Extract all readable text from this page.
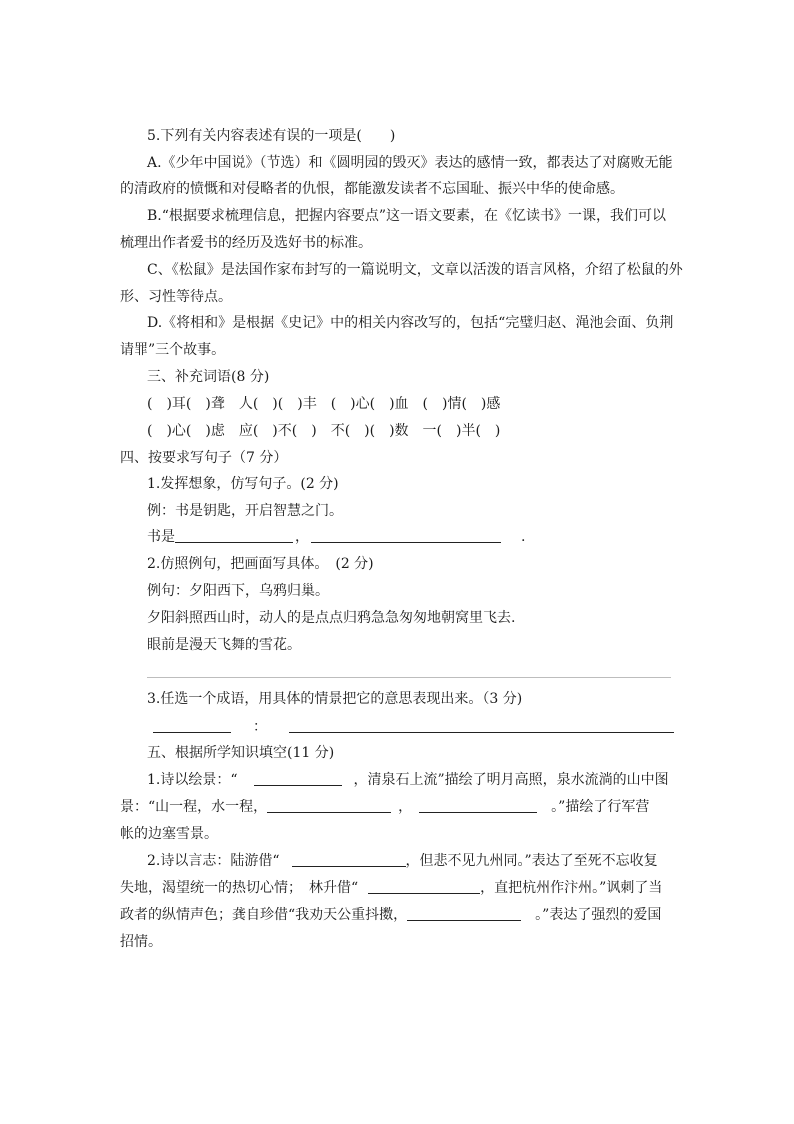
5.下列有关内容表述有误的一项是(　　)
A.《少年中国说》（节选）和《圆明园的毁灭》表达的感情一致，都表达了对腐败无能
的清政府的愤慨和对侵略者的仇恨，都能激发读者不忘国耻、振兴中华的使命感。
B.“根据要求梳理信息，把握内容要点”这一语文要素，在《忆读书》一课，我们可以
梳理出作者爱书的经历及选好书的标准。
C、《松鼠》是法国作家布封写的一篇说明文，文章以活泼的语言风格，介绍了松鼠的外
形、习性等待点。
D.《将相和》是根据《史记》中的相关内容改写的，包括“完璧归赵、渑池会面、负荆
请罪”三个故事。
三、补充词语(8 分)
(　)耳(　)聋　人(　)(　)丰　(　)心(　)血　(　)情(　)感
(　)心(　)虑　应(　)不(　)　不(　)(　)数　一(　)半(　)
四、按要求写句子（7 分）
1.发挥想象，仿写句子。(2 分)
例：书是钥匙，开启智慧之门。
书是	，	.
2.仿照例句，把画面写具体。　(2 分)
例句：夕阳西下，乌鸦归巢。
夕阳斜照西山时，动人的是点点归鸦急急匆匆地朝窝里飞去.
眼前是漫天飞舞的雪花。
3.任选一个成语，用具体的情景把它的意思表现出来。（3 分)
：
五、根据所学知识填空(11 分)
1.诗以绘景：“	，清泉石上流”描绘了明月高照，泉水流淌的山中图
景：“山一程，水一程，	，	。”描绘了行军营
帐的边塞雪景。
2.诗以言志：陆游借“	，但悲不见九州同。”表达了至死不忘收复
失地，渴望统一的热切心情；　林升借“	，直把杭州作汴州。”讽刺了当
政者的纵情声色；龚自珍借“我劝天公重抖擞，	。”表达了强烈的爱国
招情。
